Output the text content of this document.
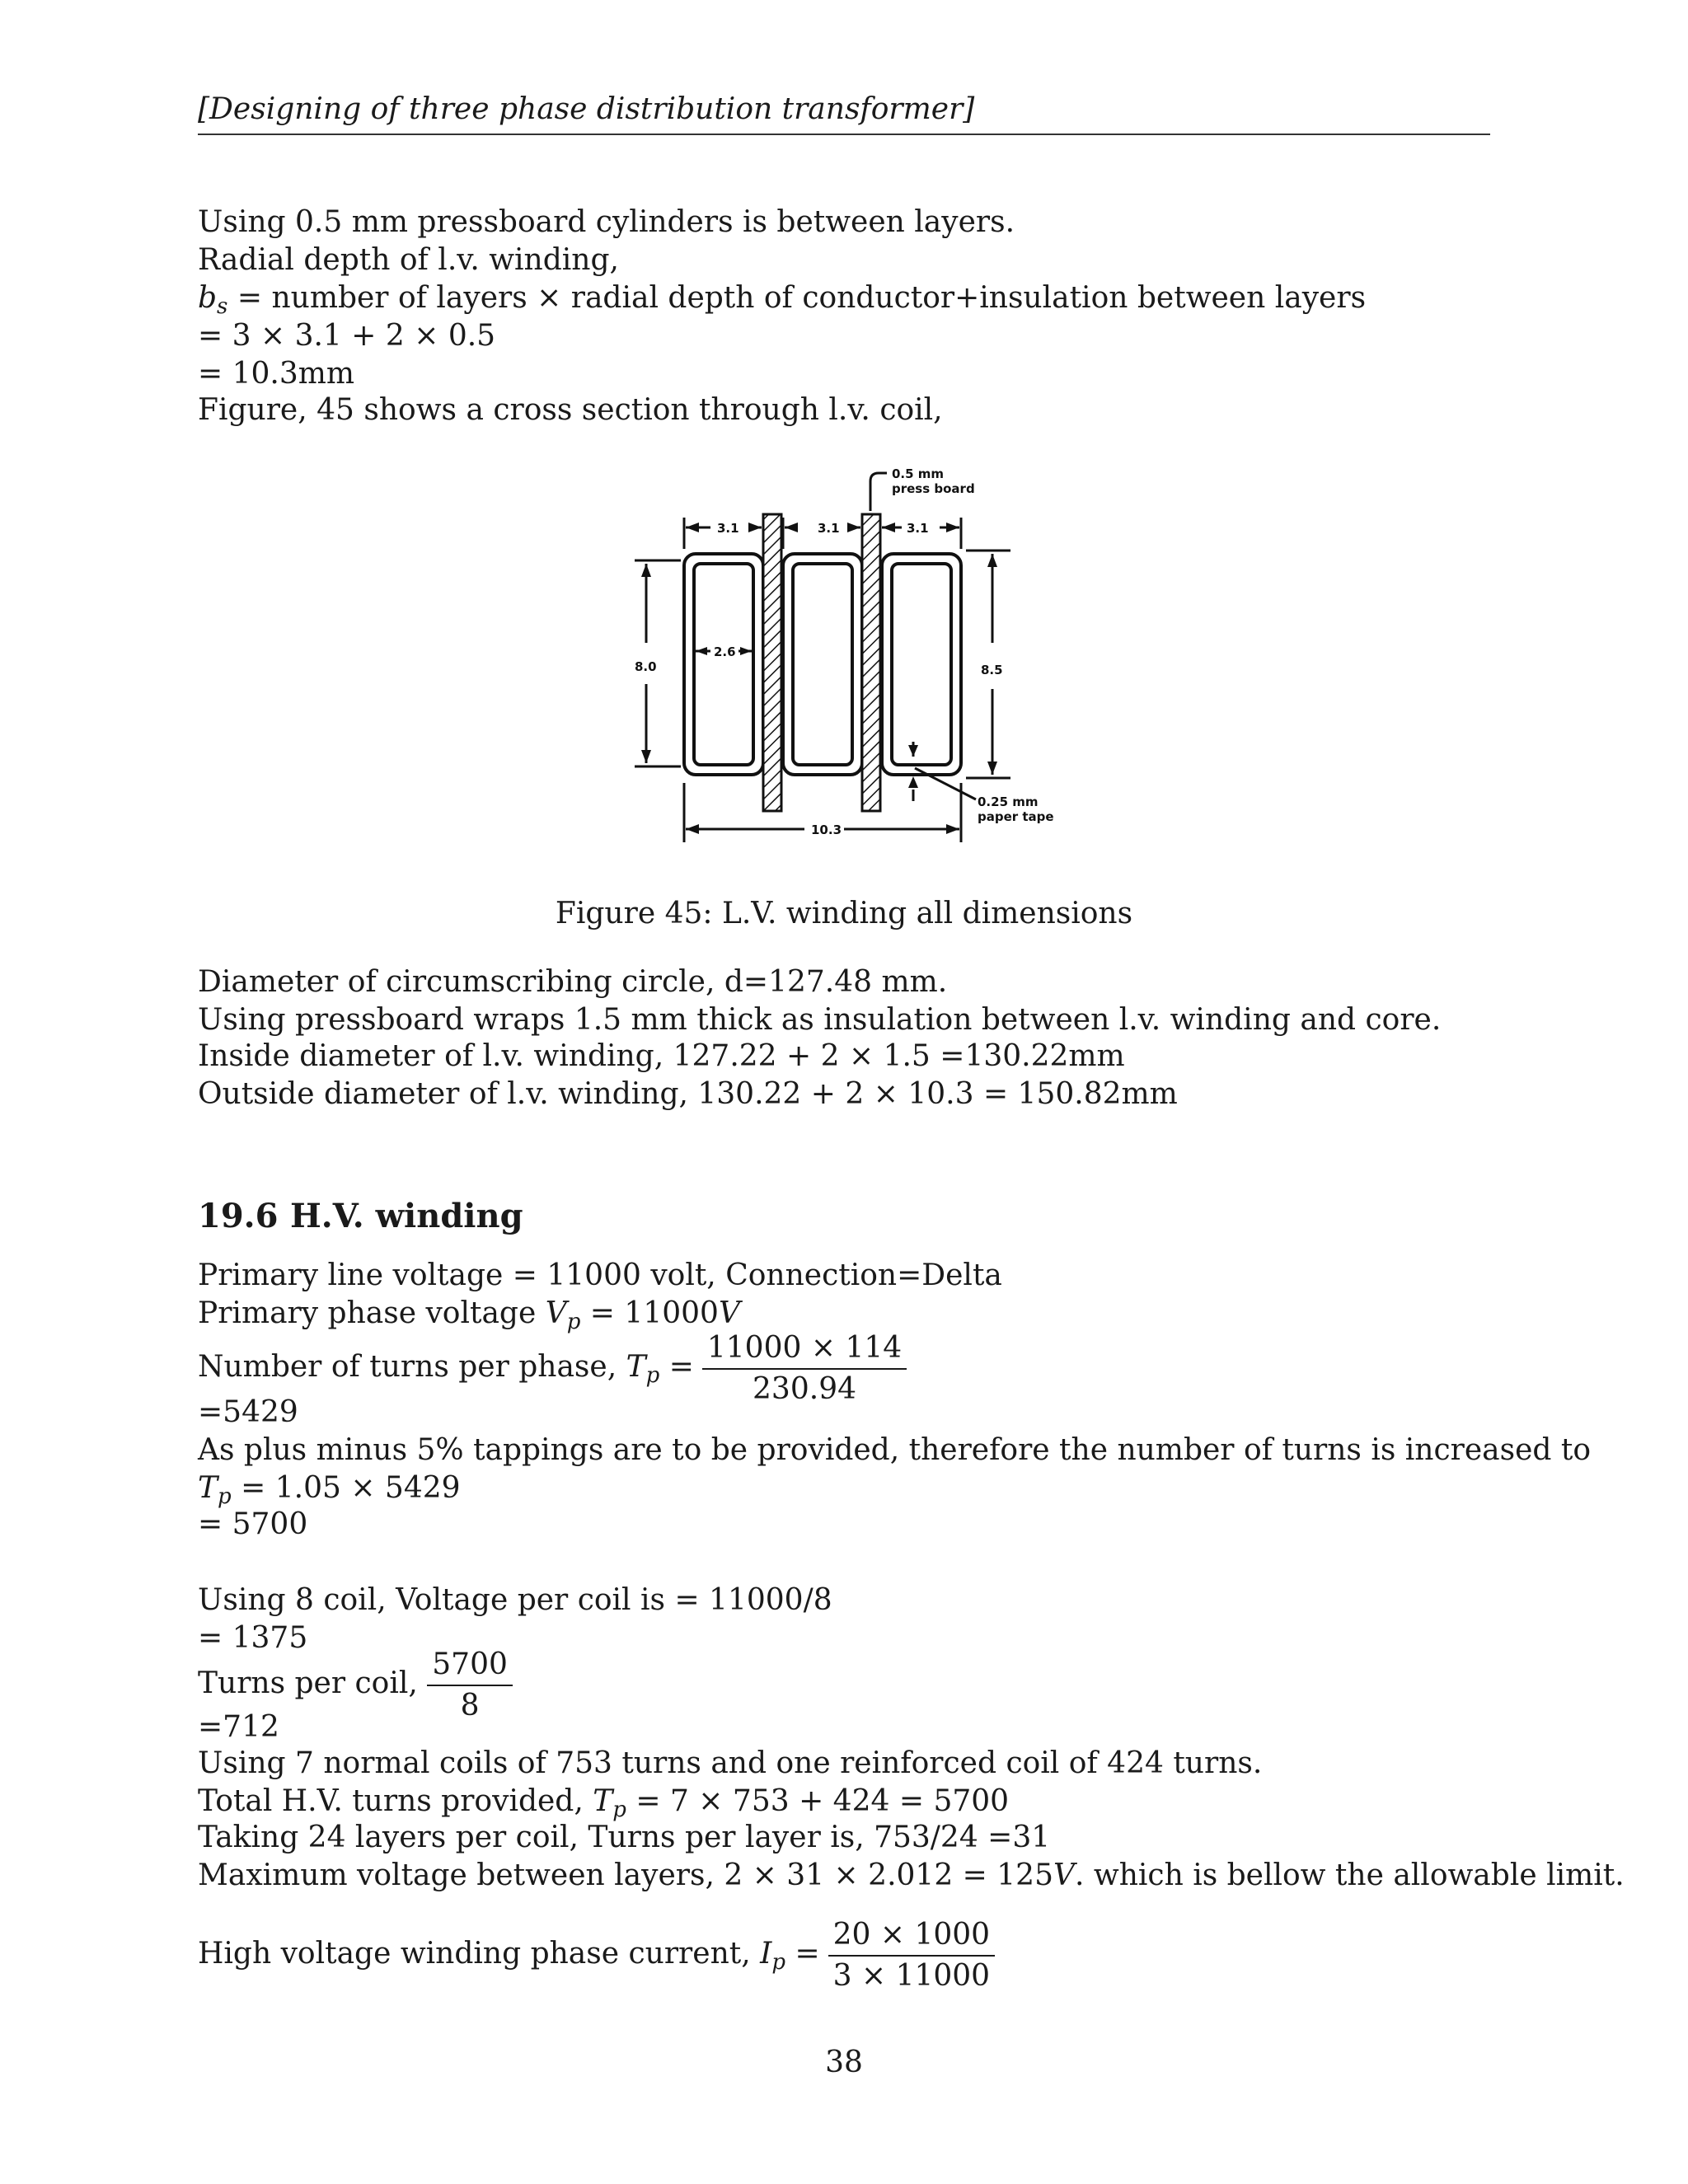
[Designing of three phase distribution transformer]
Using 0.5 mm pressboard cylinders is between layers.
Radial depth of l.v. winding,
$b_s$ = number of layers × radial depth of conductor+insulation between layers
= 3 × 3.1 + 2 × 0.5
= 10.3mm
Figure, 45 shows a cross section through l.v. coil,
0.5 mm
press board
3.1	3.1	3.1
8.0	8.5
2.6
10.3
0.25 mm
paper tape
Figure 45: L.V. winding all dimensions
Diameter of circumscribing circle, d=127.48 mm.
Using pressboard wraps 1.5 mm thick as insulation between l.v. winding and core.
Inside diameter of l.v. winding, 127.22 + 2 × 1.5 =130.22mm
Outside diameter of l.v. winding, 130.22 + 2 × 10.3 = 150.82mm
19.6 H.V. winding
Primary line voltage = 11000 volt, Connection=Delta
Primary phase voltage $V_p = 11000V$
Number of turns per phase, $T_p = \frac{11000 \times 114}{230.94}$
=5429
As plus minus 5% tappings are to be provided, therefore the number of turns is increased to
$T_p = 1.05 \times 5429$
= 5700
Using 8 coil, Voltage per coil is = 11000/8
= 1375
Turns per coil, $\frac{5700}{8}$
=712
Using 7 normal coils of 753 turns and one reinforced coil of 424 turns.
Total H.V. turns provided, $T_p = 7 \times 753 + 424 = 5700$
Taking 24 layers per coil, Turns per layer is, 753/24 =31
Maximum voltage between layers, 2 × 31 × 2.012 = 125V. which is bellow the allowable limit.
High voltage winding phase current, $I_p = \frac{20 \times 1000}{3 \times 11000}$
38
